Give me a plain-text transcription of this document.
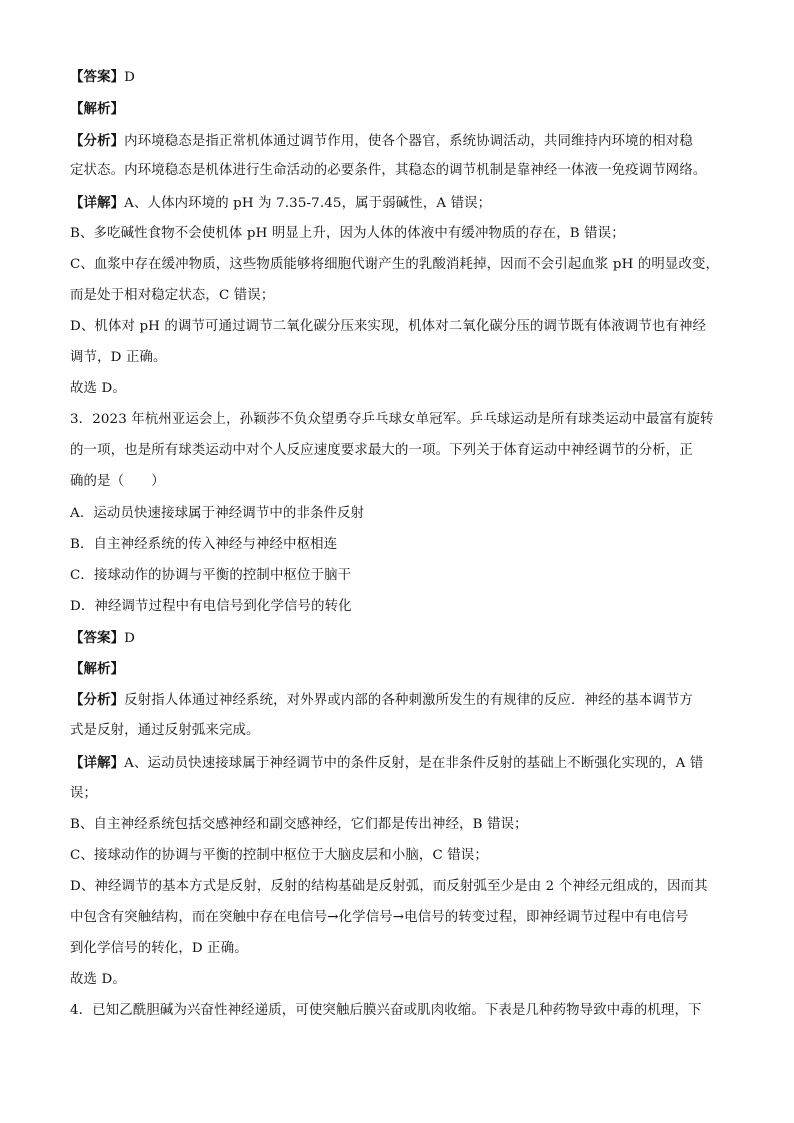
【答案】D
【解析】
【分析】内环境稳态是指正常机体通过调节作用，使各个器官，系统协调活动，共同维持内环境的相对稳
定状态。内环境稳态是机体进行生命活动的必要条件，其稳态的调节机制是靠神经一体液一免疫调节网络。
【详解】A、人体内环境的 pH 为 7.35-7.45，属于弱碱性，A 错误；
B、多吃碱性食物不会使机体 pH 明显上升，因为人体的体液中有缓冲物质的存在，B 错误；
C、血浆中存在缓冲物质，这些物质能够将细胞代谢产生的乳酸消耗掉，因而不会引起血浆 pH 的明显改变，
而是处于相对稳定状态，C 错误；
D、机体对 pH 的调节可通过调节二氧化碳分压来实现，机体对二氧化碳分压的调节既有体液调节也有神经
调节，D 正确。
故选 D。
3．2023 年杭州亚运会上，孙颖莎不负众望勇夺乒乓球女单冠军。乒乓球运动是所有球类运动中最富有旋转
的一项，也是所有球类运动中对个人反应速度要求最大的一项。下列关于体育运动中神经调节的分析，正
确的是（　　）
A．运动员快速接球属于神经调节中的非条件反射
B．自主神经系统的传入神经与神经中枢相连
C．接球动作的协调与平衡的控制中枢位于脑干
D．神经调节过程中有电信号到化学信号的转化
【答案】D
【解析】
【分析】反射指人体通过神经系统，对外界或内部的各种刺激所发生的有规律的反应．神经的基本调节方
式是反射，通过反射弧来完成。
【详解】A、运动员快速接球属于神经调节中的条件反射，是在非条件反射的基础上不断强化实现的，A 错
误；
B、自主神经系统包括交感神经和副交感神经，它们都是传出神经，B 错误；
C、接球动作的协调与平衡的控制中枢位于大脑皮层和小脑，C 错误；
D、神经调节的基本方式是反射，反射的结构基础是反射弧，而反射弧至少是由 2 个神经元组成的，因而其
中包含有突触结构，而在突触中存在电信号→化学信号→电信号的转变过程，即神经调节过程中有电信号
到化学信号的转化，D 正确。
故选 D。
4．已知乙酰胆碱为兴奋性神经递质，可使突触后膜兴奋或肌肉收缩。下表是几种药物导致中毒的机理，下
